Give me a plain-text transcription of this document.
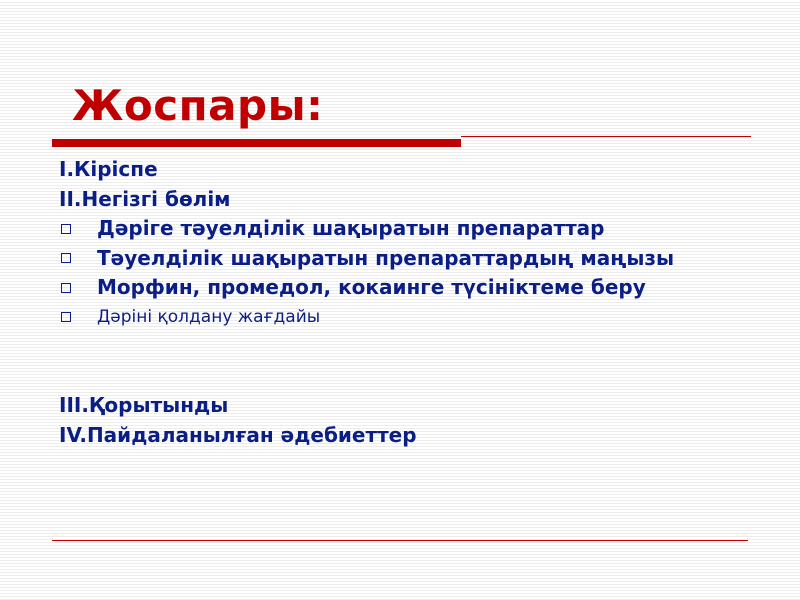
Жоспары:
I.Кіріспе
II.Негізгі бөлім
Дәріге тәуелділік шақыратын препараттар
Тәуелділік шақыратын препараттардың маңызы
Морфин, промедол, кокаинге түсініктеме беру
Дәріні қолдану жағдайы
III.Қорытынды
IV.Пайдаланылған әдебиеттер
